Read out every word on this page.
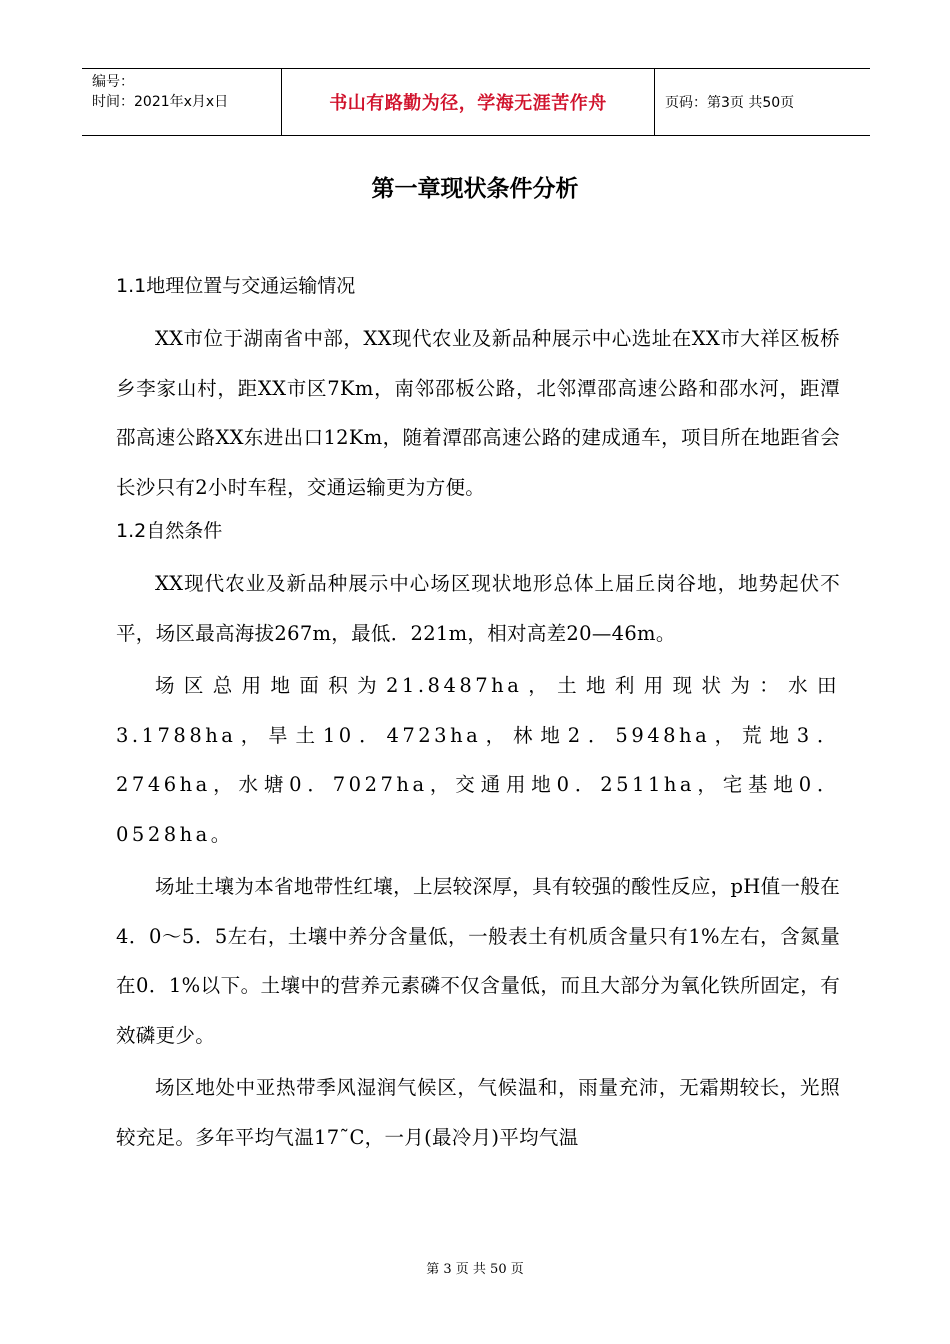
编号：
时间：2021年x月x日	书山有路勤为径，学海无涯苦作舟	页码：第3页 共50页
第一章现状条件分析
1.1地理位置与交通运输情况

XX市位于湖南省中部，XX现代农业及新品种展示中心选址在XX市大祥区板桥乡李家山村，距XX市区7Km，南邻邵板公路，北邻潭邵高速公路和邵水河，距潭邵高速公路XX东进出口12Km，随着潭邵高速公路的建成通车，项目所在地距省会长沙只有2小时车程，交通运输更为方便。

1.2自然条件

XX现代农业及新品种展示中心场区现状地形总体上届丘岗谷地，地势起伏不平，场区最高海拔267m，最低．221m，相对高差20—46m。

场区总用地面积为21.8487ha，土地利用现状为：水田3.1788ha，旱土10．4723ha，林地2．5948ha，荒地3．2746ha，水塘0．7027ha，交通用地0．2511ha，宅基地0．0528ha。

场址土壤为本省地带性红壤，上层较深厚，具有较强的酸性反应，pH值一般在4．0～5．5左右，土壤中养分含量低，一般表土有机质含量只有1%左右，含氮量在0．1%以下。土壤中的营养元素磷不仅含量低，而且大部分为氧化铁所固定，有效磷更少。

场区地处中亚热带季风湿润气候区，气候温和，雨量充沛，无霜期较长，光照较充足。多年平均气温17˜C，一月(最冷月)平均气温

第 3 页 共 50 页
